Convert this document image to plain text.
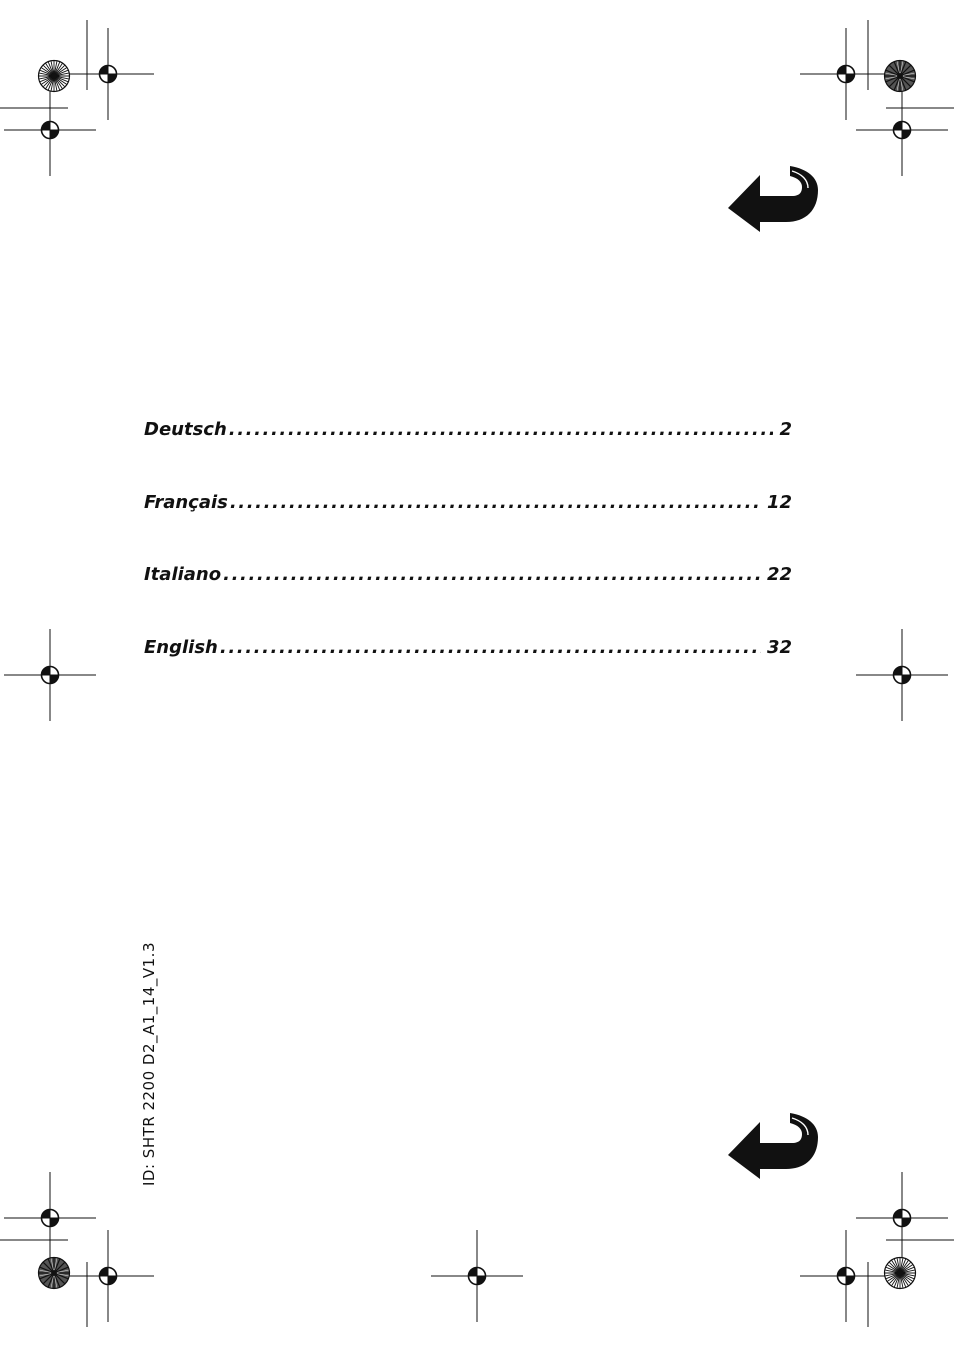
Deutsch .....	2
Français .....	12
Italiano .....	22
English .....	32
ID: SHTR 2200 D2_A1_14_V1.3
